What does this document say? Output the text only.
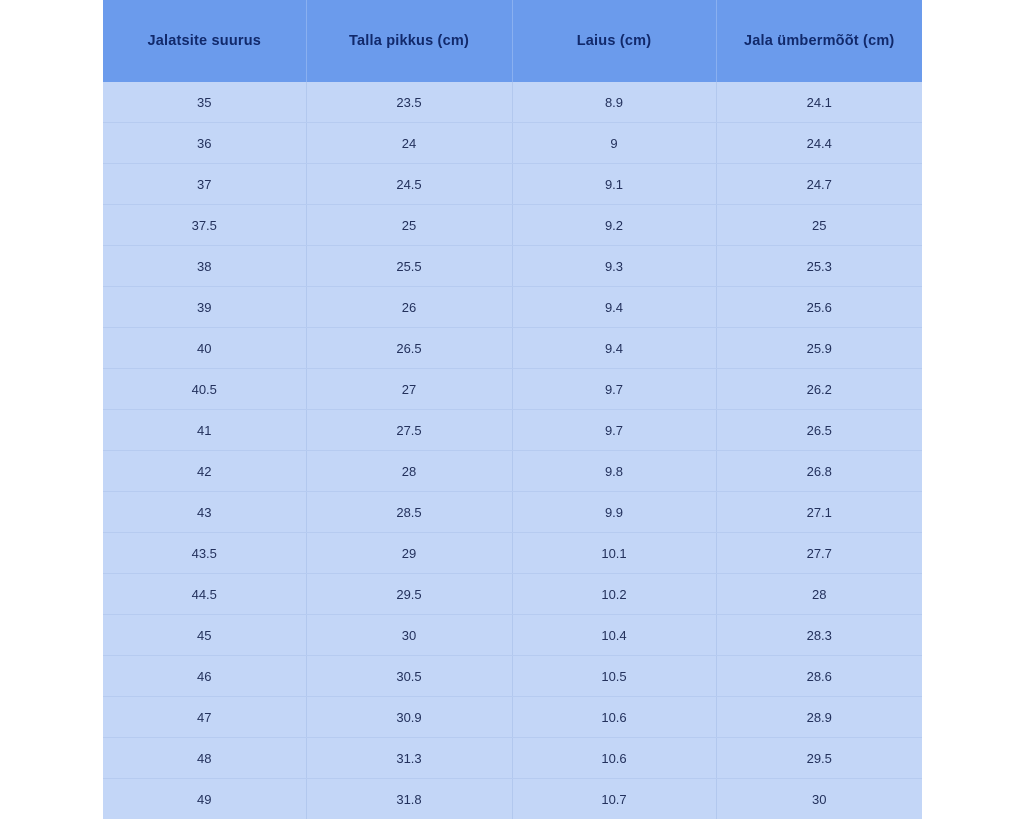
Jalatsite suurus	Talla pikkus (cm)	Laius (cm)	Jala ümbermõõt (cm)
35	23.5	8.9	24.1
36	24	9	24.4
37	24.5	9.1	24.7
37.5	25	9.2	25
38	25.5	9.3	25.3
39	26	9.4	25.6
40	26.5	9.4	25.9
40.5	27	9.7	26.2
41	27.5	9.7	26.5
42	28	9.8	26.8
43	28.5	9.9	27.1
43.5	29	10.1	27.7
44.5	29.5	10.2	28
45	30	10.4	28.3
46	30.5	10.5	28.6
47	30.9	10.6	28.9
48	31.3	10.6	29.5
49	31.8	10.7	30
